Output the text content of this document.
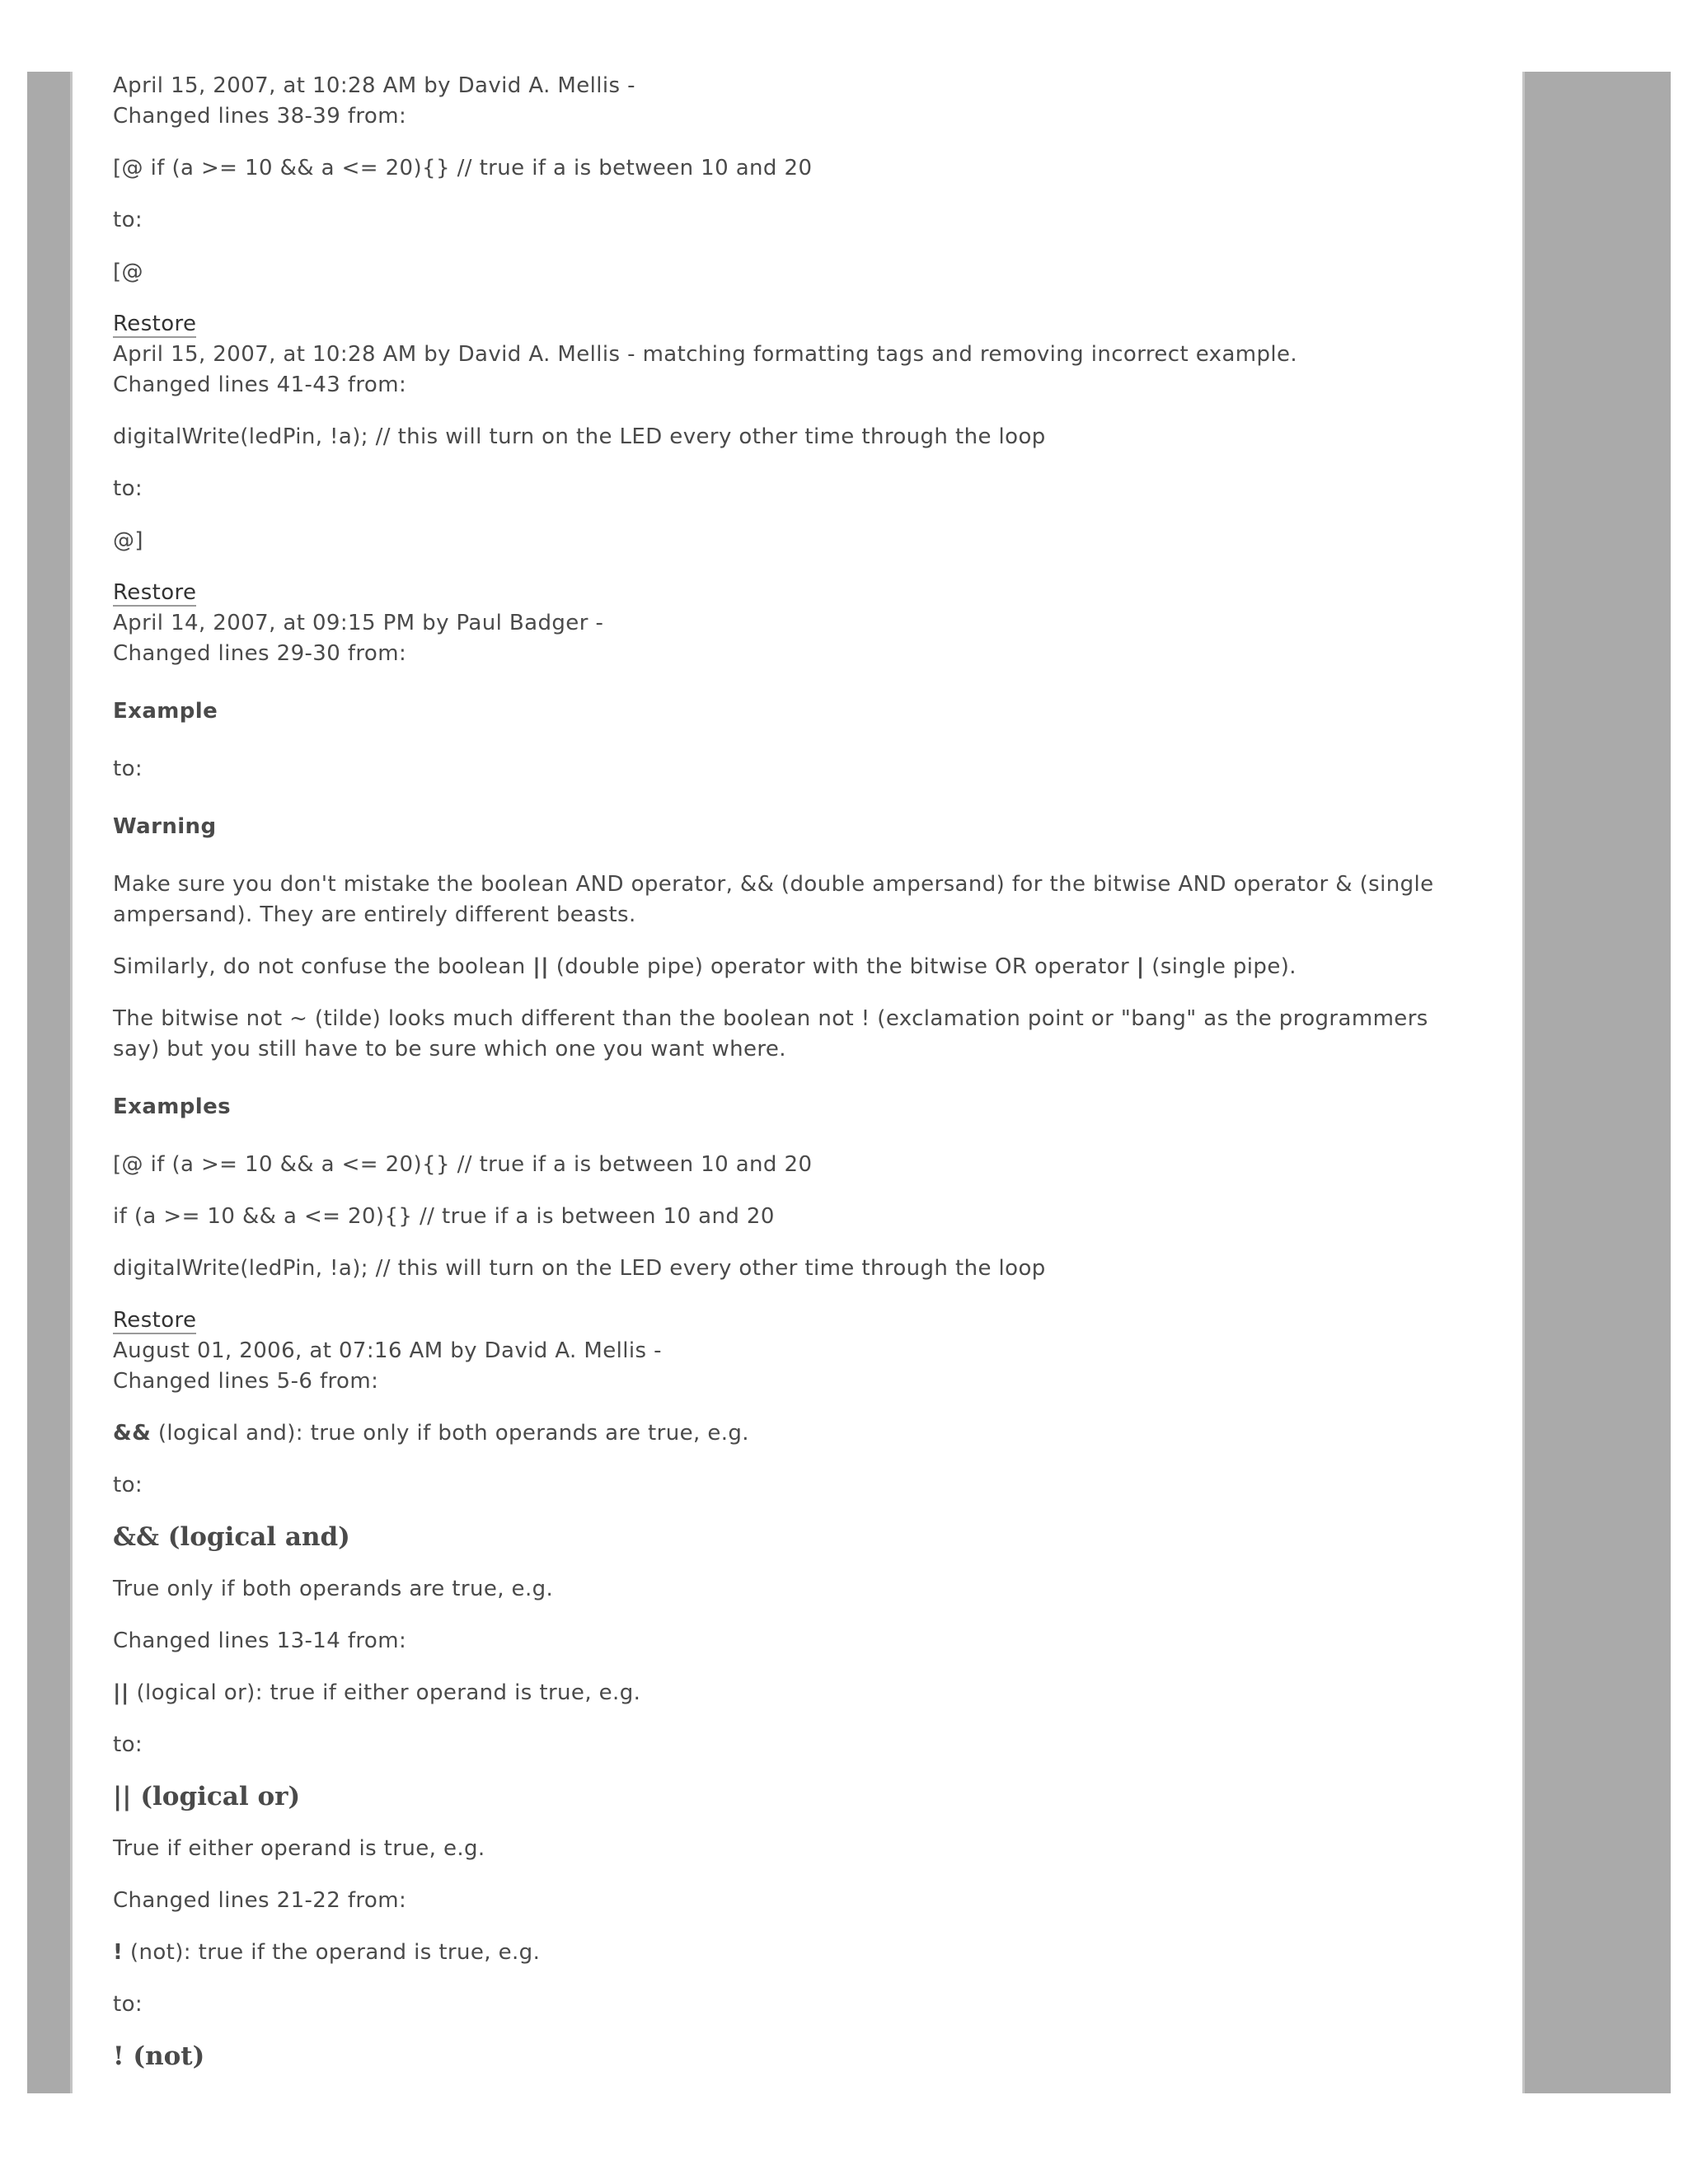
April 15, 2007, at 10:28 AM by David A. Mellis -

Changed lines 38-39 from:

[@ if (a >= 10 && a <= 20){} // true if a is between 10 and 20

to:

[@

Restore

April 15, 2007, at 10:28 AM by David A. Mellis - matching formatting tags and removing incorrect example.

Changed lines 41-43 from:

digitalWrite(ledPin, !a); // this will turn on the LED every other time through the loop

to:

@]

Restore

April 14, 2007, at 09:15 PM by Paul Badger -

Changed lines 29-30 from:

Example

to:

Warning

Make sure you don't mistake the boolean AND operator, && (double ampersand) for the bitwise AND operator & (single ampersand). They are entirely different beasts.

Similarly, do not confuse the boolean || (double pipe) operator with the bitwise OR operator | (single pipe).

The bitwise not ~ (tilde) looks much different than the boolean not ! (exclamation point or "bang" as the programmers say) but you still have to be sure which one you want where.

Examples

[@ if (a >= 10 && a <= 20){} // true if a is between 10 and 20

if (a >= 10 && a <= 20){} // true if a is between 10 and 20

digitalWrite(ledPin, !a); // this will turn on the LED every other time through the loop

Restore

August 01, 2006, at 07:16 AM by David A. Mellis -

Changed lines 5-6 from:

&& (logical and): true only if both operands are true, e.g.

to:

&& (logical and)

True only if both operands are true, e.g.

Changed lines 13-14 from:

|| (logical or): true if either operand is true, e.g.

to:

|| (logical or)

True if either operand is true, e.g.

Changed lines 21-22 from:

! (not): true if the operand is true, e.g.

to:

! (not)
